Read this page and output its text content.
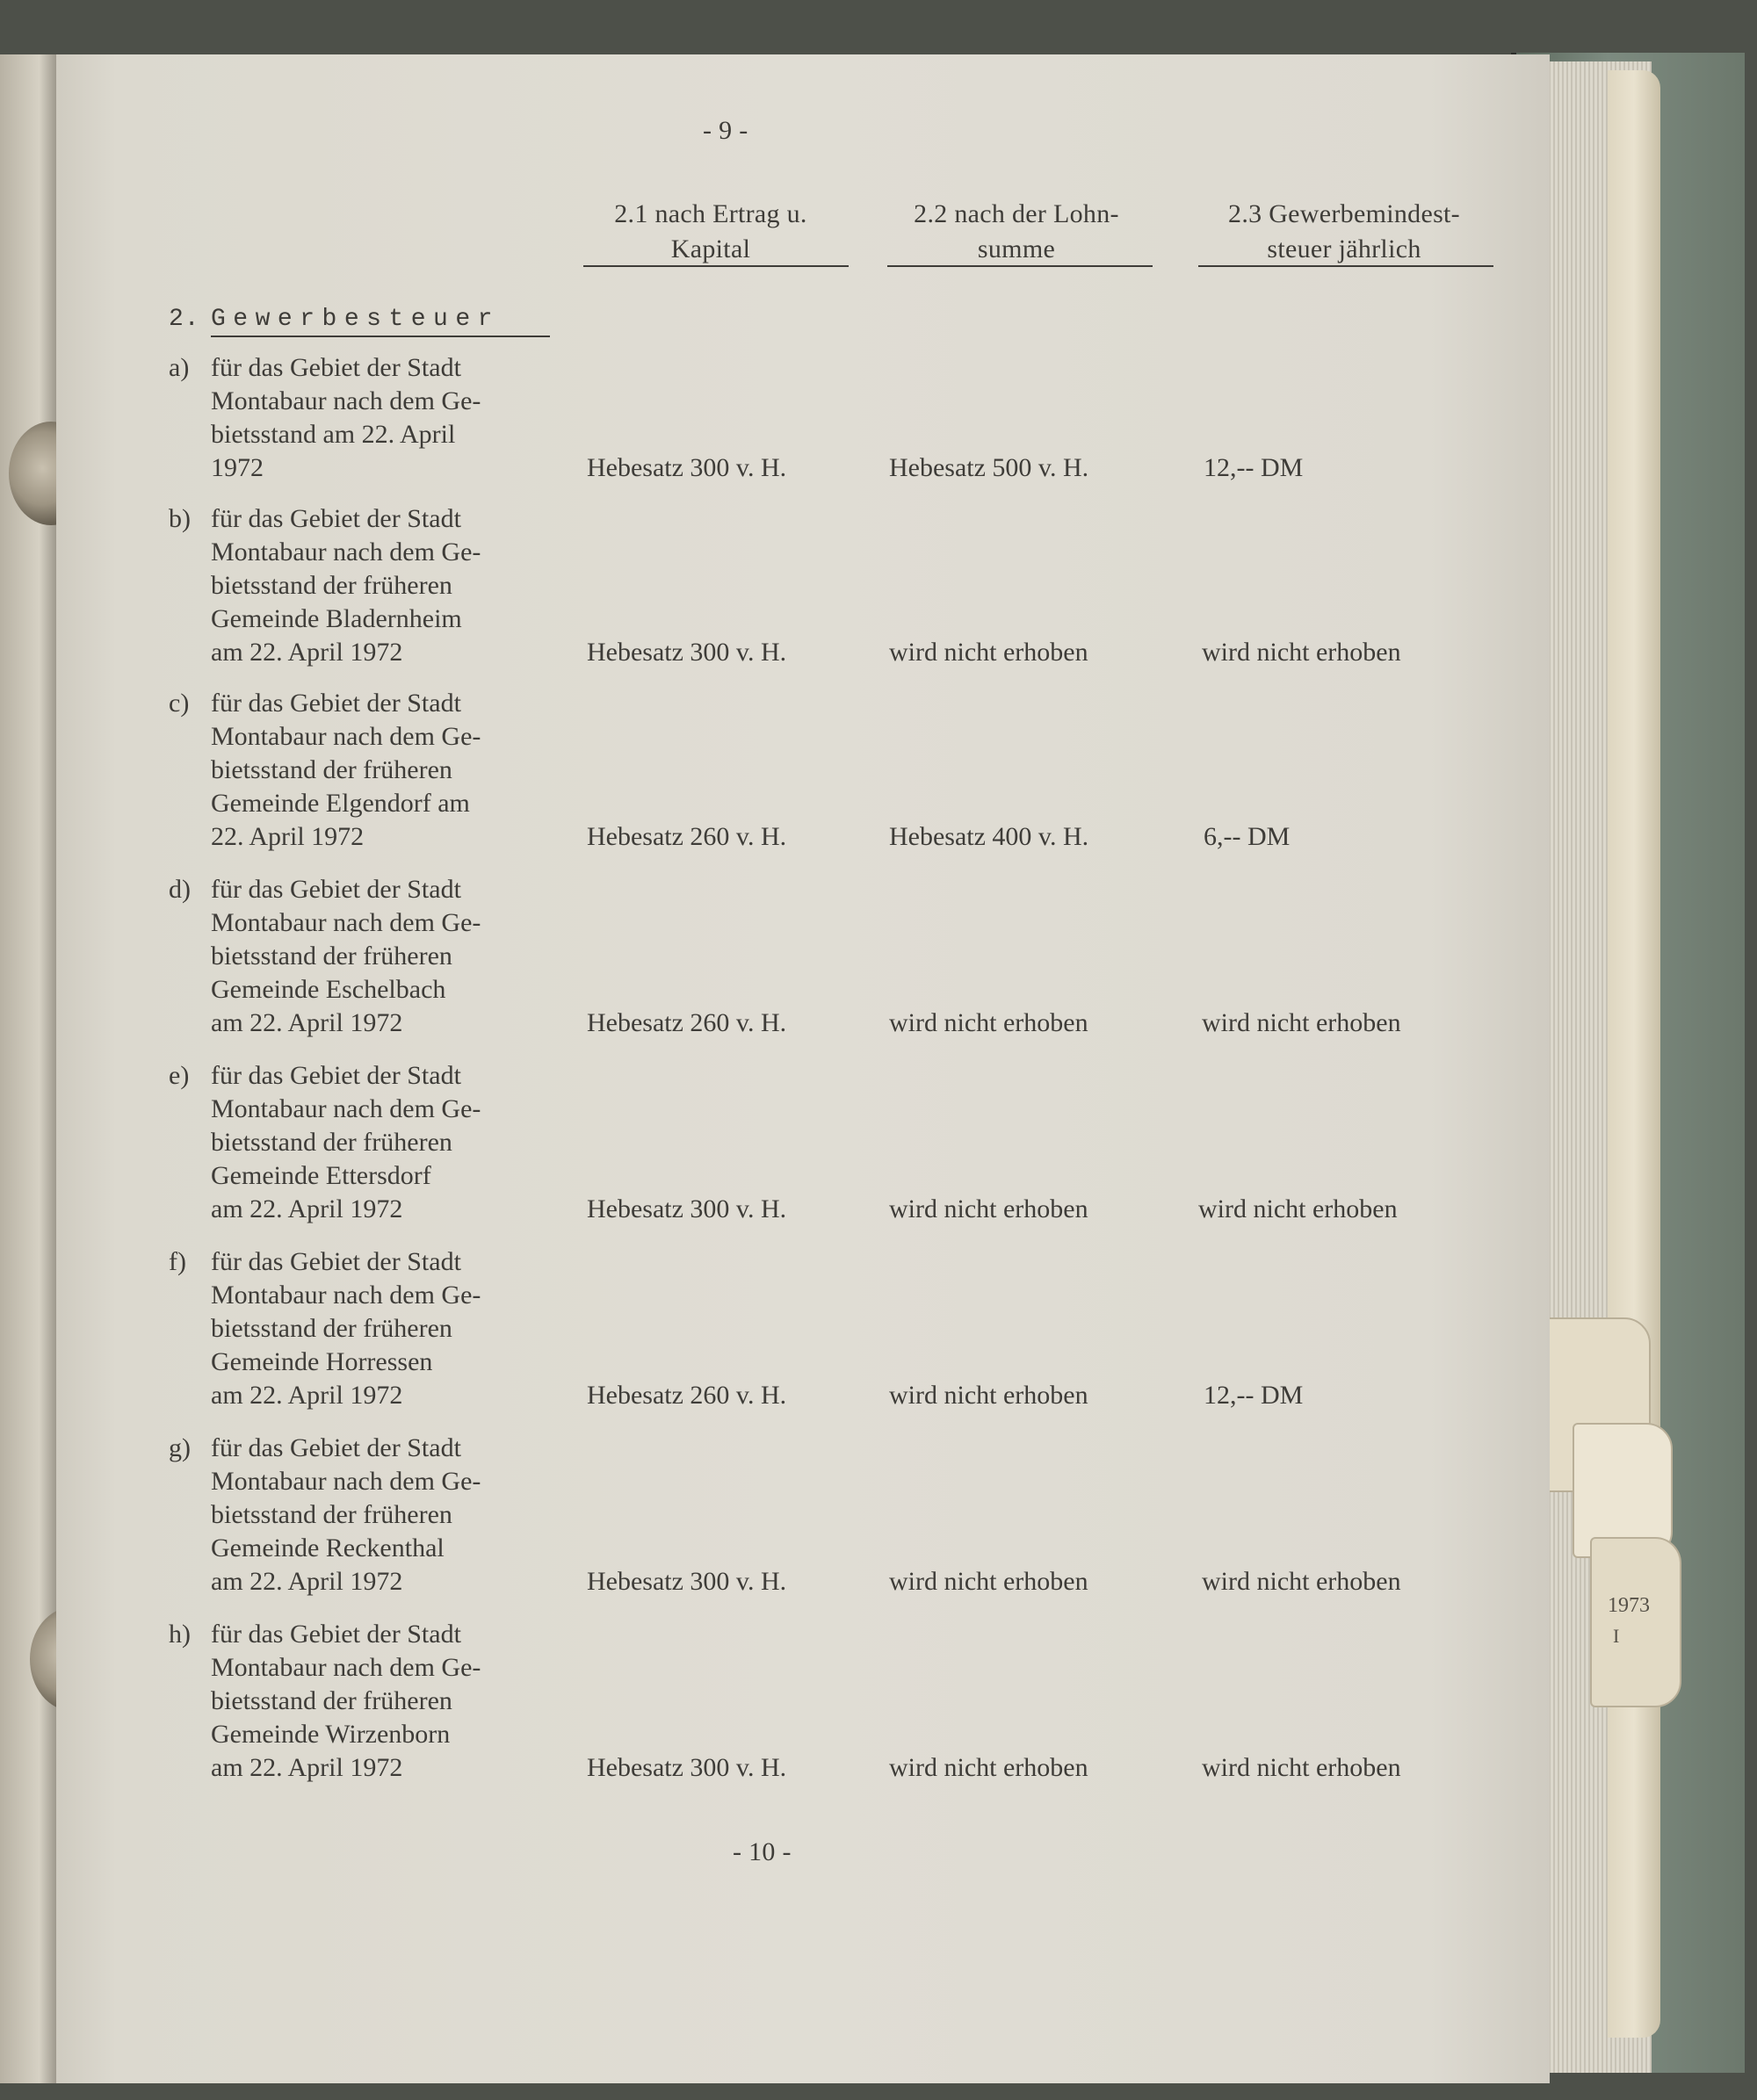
1973
I

- 9 -

2.1 nach Ertrag u.
Kapital
2.2 nach der Lohn-
summe
2.3 Gewerbemindest-
steuer jährlich

2. Gewerbesteuer

a) für das Gebiet der Stadt

Montabaur nach dem Ge-

bietsstand am 22. April

1972	Hebesatz 300 v. H.	Hebesatz 500 v. H.	12,-- DM

b) für das Gebiet der Stadt

Montabaur nach dem Ge-

bietsstand der früheren

Gemeinde Bladernheim

am 22. April 1972	Hebesatz 300 v. H.	wird nicht erhoben	wird nicht erhoben

c) für das Gebiet der Stadt

Montabaur nach dem Ge-

bietsstand der früheren

Gemeinde Elgendorf am

22. April 1972	Hebesatz 260 v. H.	Hebesatz 400 v. H.	6,-- DM

d) für das Gebiet der Stadt

Montabaur nach dem Ge-

bietsstand der früheren

Gemeinde Eschelbach

am 22. April 1972	Hebesatz 260 v. H.	wird nicht erhoben	wird nicht erhoben

e) für das Gebiet der Stadt

Montabaur nach dem Ge-

bietsstand der früheren

Gemeinde Ettersdorf

am 22. April 1972	Hebesatz 300 v. H.	wird nicht erhoben	wird nicht erhoben

f) für das Gebiet der Stadt

Montabaur nach dem Ge-

bietsstand der früheren

Gemeinde Horressen

am 22. April 1972	Hebesatz 260 v. H.	wird nicht erhoben	12,-- DM

g) für das Gebiet der Stadt

Montabaur nach dem Ge-

bietsstand der früheren

Gemeinde Reckenthal

am 22. April 1972	Hebesatz 300 v. H.	wird nicht erhoben	wird nicht erhoben

h) für das Gebiet der Stadt

Montabaur nach dem Ge-

bietsstand der früheren

Gemeinde Wirzenborn

am 22. April 1972	Hebesatz 300 v. H.	wird nicht erhoben	wird nicht erhoben

- 10 -
